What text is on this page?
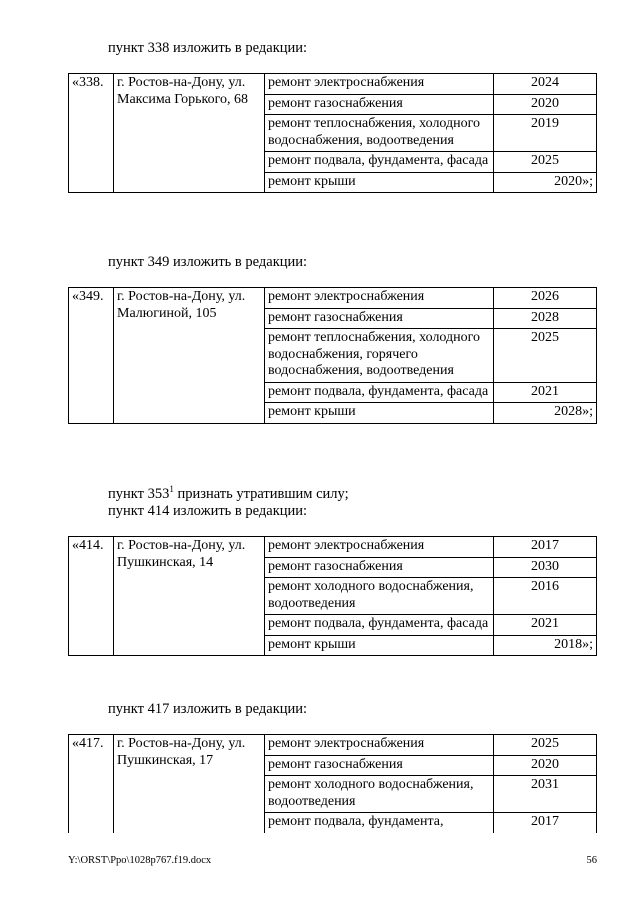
пункт 338 изложить в редакции:
«338.	г. Ростов-на-Дону, ул. Максима Горького, 68	ремонт электроснабжения	2024
		ремонт газоснабжения	2020
		ремонт теплоснабжения, холодного водоснабжения, водоотведения	2019
		ремонт подвала, фундамента, фасада	2025
		ремонт крыши	2020»;
пункт 349 изложить в редакции:
«349.	г. Ростов-на-Дону, ул. Малюгиной, 105	ремонт электроснабжения	2026
		ремонт газоснабжения	2028
		ремонт теплоснабжения, холодного водоснабжения, горячего водоснабжения, водоотведения	2025
		ремонт подвала, фундамента, фасада	2021
		ремонт крыши	2028»;
пункт $353^1$ признать утратившим силу;
пункт 414 изложить в редакции:
«414.	г. Ростов-на-Дону, ул. Пушкинская, 14	ремонт электроснабжения	2017
		ремонт газоснабжения	2030
		ремонт холодного водоснабжения, водоотведения	2016
		ремонт подвала, фундамента, фасада	2021
		ремонт крыши	2018»;
пункт 417 изложить в редакции:
«417.	г. Ростов-на-Дону, ул. Пушкинская, 17	ремонт электроснабжения	2025
		ремонт газоснабжения	2020
		ремонт холодного водоснабжения, водоотведения	2031
		ремонт подвала, фундамента,	2017
Y:\ORST\Ppo\1028p767.f19.docx	56
